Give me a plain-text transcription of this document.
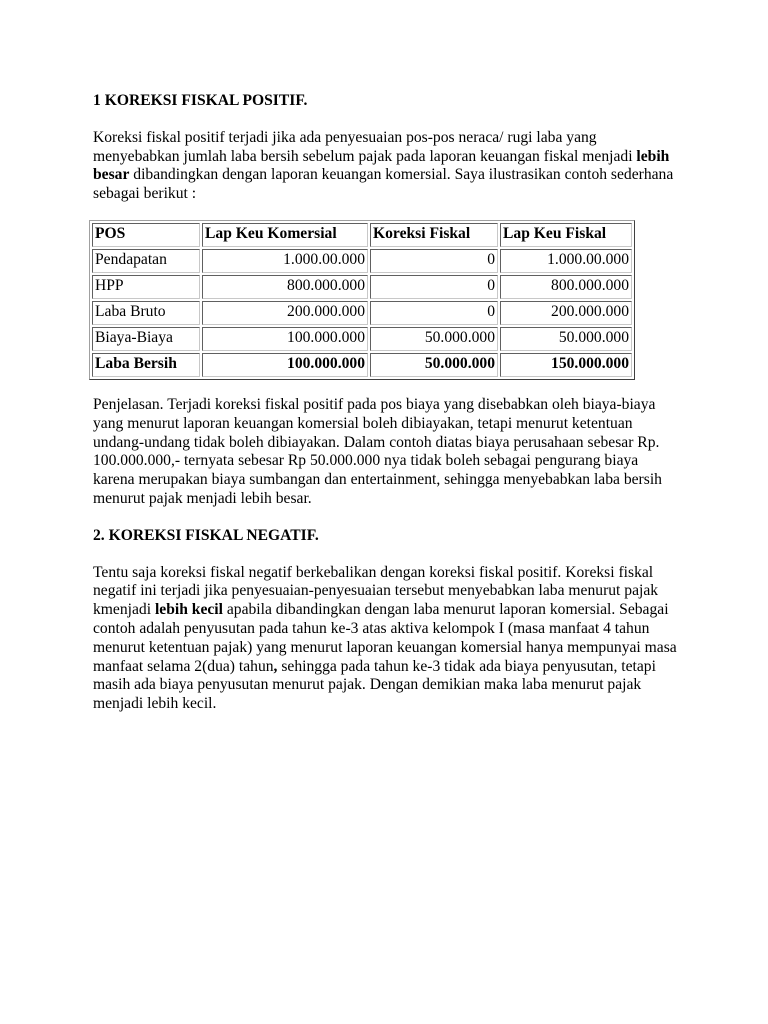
1 KOREKSI FISKAL POSITIF.

Koreksi fiskal positif terjadi jika ada penyesuaian pos-pos neraca/ rugi laba yang menyebabkan jumlah laba bersih sebelum pajak pada laporan keuangan fiskal menjadi lebih besar dibandingkan dengan laporan keuangan komersial. Saya ilustrasikan contoh sederhana sebagai berikut :

POS	Lap Keu Komersial	Koreksi Fiskal	Lap Keu Fiskal
Pendapatan	1.000.00.000	0	1.000.00.000
HPP	800.000.000	0	800.000.000
Laba Bruto	200.000.000	0	200.000.000
Biaya-Biaya	100.000.000	50.000.000	50.000.000
Laba Bersih	100.000.000	50.000.000	150.000.000

Penjelasan. Terjadi koreksi fiskal positif pada pos biaya yang disebabkan oleh biaya-biaya yang menurut laporan keuangan komersial boleh dibiayakan, tetapi menurut ketentuan undang-undang tidak boleh dibiayakan. Dalam contoh diatas biaya perusahaan sebesar Rp. 100.000.000,- ternyata sebesar Rp 50.000.000 nya tidak boleh sebagai pengurang biaya karena merupakan biaya sumbangan dan entertainment, sehingga menyebabkan laba bersih menurut pajak menjadi lebih besar.

2. KOREKSI FISKAL NEGATIF.

Tentu saja koreksi fiskal negatif berkebalikan dengan koreksi fiskal positif. Koreksi fiskal negatif ini terjadi jika penyesuaian-penyesuaian tersebut menyebabkan laba menurut pajak kmenjadi lebih kecil apabila dibandingkan dengan laba menurut laporan komersial. Sebagai contoh adalah penyusutan pada tahun ke-3 atas aktiva kelompok I (masa manfaat 4 tahun menurut ketentuan pajak) yang menurut laporan keuangan komersial hanya mempunyai masa manfaat selama 2(dua) tahun, sehingga pada tahun ke-3 tidak ada biaya penyusutan, tetapi masih ada biaya penyusutan menurut pajak. Dengan demikian maka laba menurut pajak menjadi lebih kecil.
